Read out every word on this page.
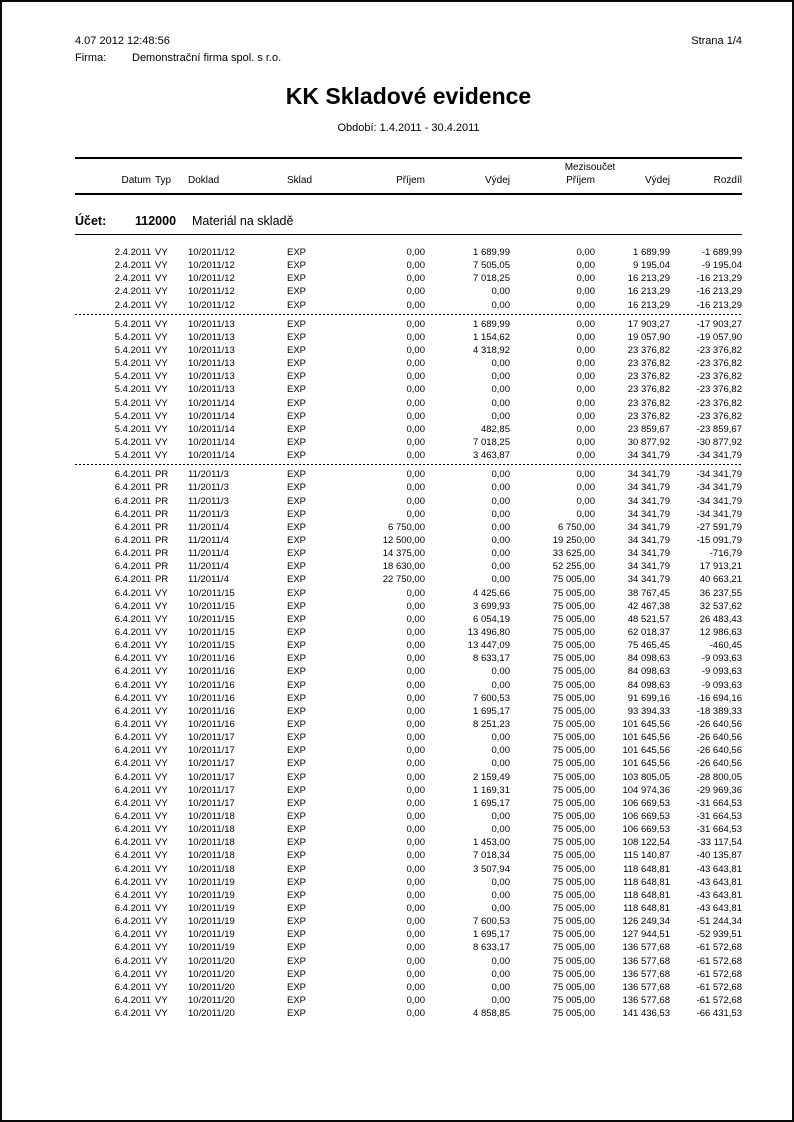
4.07 2012 12:48:56	Strana 1/4
Firma:	Demonstrační firma spol. s r.o.
KK Skladové evidence
Období: 1.4.2011 - 30.4.2011
Mezisoučet
Datum Typ	Doklad	Sklad	Příjem	Výdej	Příjem	Výdej	Rozdíl
Účet:	112000	Materiál na skladě
2.4.2011 VY	10/2011/12	EXP	0,00	1 689,99	0,00	1 689,99	-1 689,99
2.4.2011 VY	10/2011/12	EXP	0,00	7 505,05	0,00	9 195,04	-9 195,04
2.4.2011 VY	10/2011/12	EXP	0,00	7 018,25	0,00	16 213,29	-16 213,29
2.4.2011 VY	10/2011/12	EXP	0,00	0,00	0,00	16 213,29	-16 213,29
2.4.2011 VY	10/2011/12	EXP	0,00	0,00	0,00	16 213,29	-16 213,29
5.4.2011 VY	10/2011/13	EXP	0,00	1 689,99	0,00	17 903,27	-17 903,27
5.4.2011 VY	10/2011/13	EXP	0,00	1 154,62	0,00	19 057,90	-19 057,90
5.4.2011 VY	10/2011/13	EXP	0,00	4 318,92	0,00	23 376,82	-23 376,82
5.4.2011 VY	10/2011/13	EXP	0,00	0,00	0,00	23 376,82	-23 376,82
5.4.2011 VY	10/2011/13	EXP	0,00	0,00	0,00	23 376,82	-23 376,82
5.4.2011 VY	10/2011/13	EXP	0,00	0,00	0,00	23 376,82	-23 376,82
5.4.2011 VY	10/2011/14	EXP	0,00	0,00	0,00	23 376,82	-23 376,82
5.4.2011 VY	10/2011/14	EXP	0,00	0,00	0,00	23 376,82	-23 376,82
5.4.2011 VY	10/2011/14	EXP	0,00	482,85	0,00	23 859,67	-23 859,67
5.4.2011 VY	10/2011/14	EXP	0,00	7 018,25	0,00	30 877,92	-30 877,92
5.4.2011 VY	10/2011/14	EXP	0,00	3 463,87	0,00	34 341,79	-34 341,79
6.4.2011 PR	11/2011/3	EXP	0,00	0,00	0,00	34 341,79	-34 341,79
6.4.2011 PR	11/2011/3	EXP	0,00	0,00	0,00	34 341,79	-34 341,79
6.4.2011 PR	11/2011/3	EXP	0,00	0,00	0,00	34 341,79	-34 341,79
6.4.2011 PR	11/2011/3	EXP	0,00	0,00	0,00	34 341,79	-34 341,79
6.4.2011 PR	11/2011/4	EXP	6 750,00	0,00	6 750,00	34 341,79	-27 591,79
6.4.2011 PR	11/2011/4	EXP	12 500,00	0,00	19 250,00	34 341,79	-15 091,79
6.4.2011 PR	11/2011/4	EXP	14 375,00	0,00	33 625,00	34 341,79	-716,79
6.4.2011 PR	11/2011/4	EXP	18 630,00	0,00	52 255,00	34 341,79	17 913,21
6.4.2011 PR	11/2011/4	EXP	22 750,00	0,00	75 005,00	34 341,79	40 663,21
6.4.2011 VY	10/2011/15	EXP	0,00	4 425,66	75 005,00	38 767,45	36 237,55
6.4.2011 VY	10/2011/15	EXP	0,00	3 699,93	75 005,00	42 467,38	32 537,62
6.4.2011 VY	10/2011/15	EXP	0,00	6 054,19	75 005,00	48 521,57	26 483,43
6.4.2011 VY	10/2011/15	EXP	0,00	13 496,80	75 005,00	62 018,37	12 986,63
6.4.2011 VY	10/2011/15	EXP	0,00	13 447,09	75 005,00	75 465,45	-460,45
6.4.2011 VY	10/2011/16	EXP	0,00	8 633,17	75 005,00	84 098,63	-9 093,63
6.4.2011 VY	10/2011/16	EXP	0,00	0,00	75 005,00	84 098,63	-9 093,63
6.4.2011 VY	10/2011/16	EXP	0,00	0,00	75 005,00	84 098,63	-9 093,63
6.4.2011 VY	10/2011/16	EXP	0,00	7 600,53	75 005,00	91 699,16	-16 694,16
6.4.2011 VY	10/2011/16	EXP	0,00	1 695,17	75 005,00	93 394,33	-18 389,33
6.4.2011 VY	10/2011/16	EXP	0,00	8 251,23	75 005,00	101 645,56	-26 640,56
6.4.2011 VY	10/2011/17	EXP	0,00	0,00	75 005,00	101 645,56	-26 640,56
6.4.2011 VY	10/2011/17	EXP	0,00	0,00	75 005,00	101 645,56	-26 640,56
6.4.2011 VY	10/2011/17	EXP	0,00	0,00	75 005,00	101 645,56	-26 640,56
6.4.2011 VY	10/2011/17	EXP	0,00	2 159,49	75 005,00	103 805,05	-28 800,05
6.4.2011 VY	10/2011/17	EXP	0,00	1 169,31	75 005,00	104 974,36	-29 969,36
6.4.2011 VY	10/2011/17	EXP	0,00	1 695,17	75 005,00	106 669,53	-31 664,53
6.4.2011 VY	10/2011/18	EXP	0,00	0,00	75 005,00	106 669,53	-31 664,53
6.4.2011 VY	10/2011/18	EXP	0,00	0,00	75 005,00	106 669,53	-31 664,53
6.4.2011 VY	10/2011/18	EXP	0,00	1 453,00	75 005,00	108 122,54	-33 117,54
6.4.2011 VY	10/2011/18	EXP	0,00	7 018,34	75 005,00	115 140,87	-40 135,87
6.4.2011 VY	10/2011/18	EXP	0,00	3 507,94	75 005,00	118 648,81	-43 643,81
6.4.2011 VY	10/2011/19	EXP	0,00	0,00	75 005,00	118 648,81	-43 643,81
6.4.2011 VY	10/2011/19	EXP	0,00	0,00	75 005,00	118 648,81	-43 643,81
6.4.2011 VY	10/2011/19	EXP	0,00	0,00	75 005,00	118 648,81	-43 643,81
6.4.2011 VY	10/2011/19	EXP	0,00	7 600,53	75 005,00	126 249,34	-51 244,34
6.4.2011 VY	10/2011/19	EXP	0,00	1 695,17	75 005,00	127 944,51	-52 939,51
6.4.2011 VY	10/2011/19	EXP	0,00	8 633,17	75 005,00	136 577,68	-61 572,68
6.4.2011 VY	10/2011/20	EXP	0,00	0,00	75 005,00	136 577,68	-61 572,68
6.4.2011 VY	10/2011/20	EXP	0,00	0,00	75 005,00	136 577,68	-61 572,68
6.4.2011 VY	10/2011/20	EXP	0,00	0,00	75 005,00	136 577,68	-61 572,68
6.4.2011 VY	10/2011/20	EXP	0,00	0,00	75 005,00	136 577,68	-61 572,68
6.4.2011 VY	10/2011/20	EXP	0,00	4 858,85	75 005,00	141 436,53	-66 431,53
